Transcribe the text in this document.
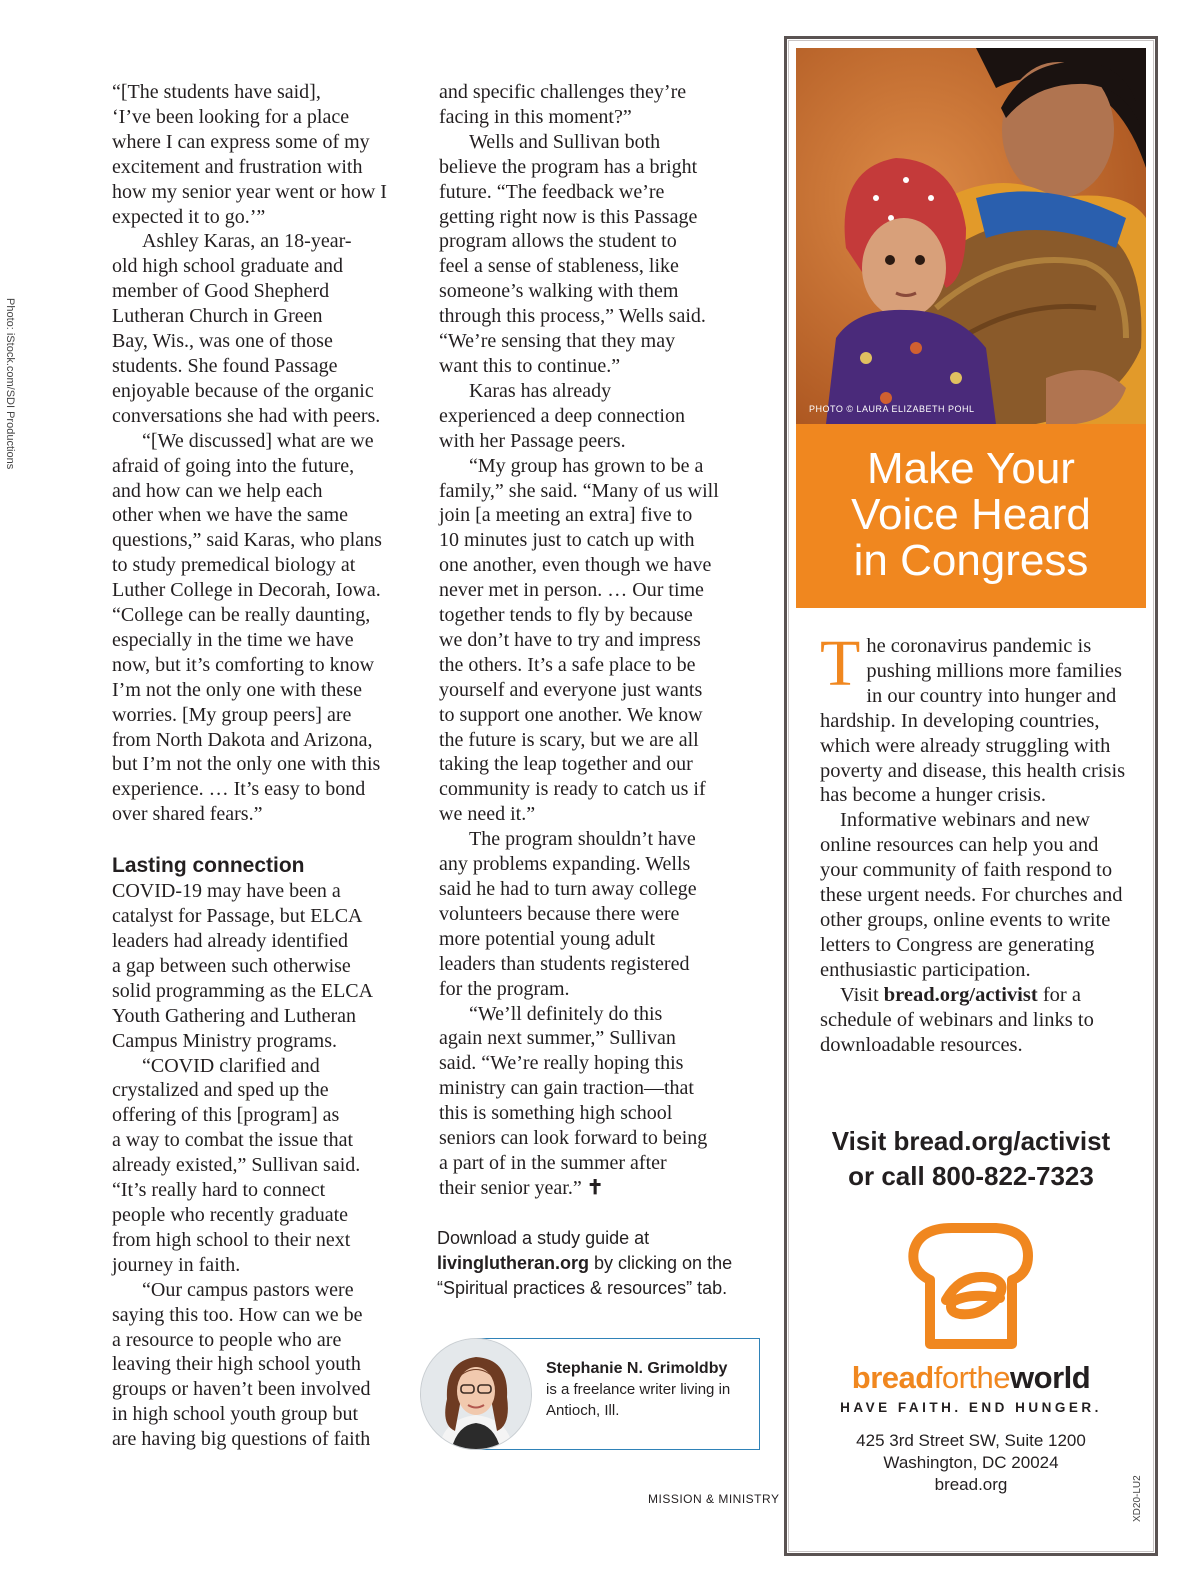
Photo: iStock.com/SDI Productions

“[The students have said],
‘I’ve been looking for a place
where I can express some of my
excitement and frustration with
how my senior year went or how I
expected it to go.’”

Ashley Karas, an 18-year-
old high school graduate and
member of Good Shepherd
Lutheran Church in Green
Bay, Wis., was one of those
students. She found Passage
enjoyable because of the organic
conversations she had with peers.

“[We discussed] what are we
afraid of going into the future,
and how can we help each
other when we have the same
questions,” said Karas, who plans
to study premedical biology at
Luther College in Decorah, Iowa.
“College can be really daunting,
especially in the time we have
now, but it’s comforting to know
I’m not the only one with these
worries. [My group peers] are
from North Dakota and Arizona,
but I’m not the only one with this
experience. … It’s easy to bond
over shared fears.”

Lasting connection

COVID-19 may have been a
catalyst for Passage, but ELCA
leaders had already identified
a gap between such otherwise
solid programming as the ELCA
Youth Gathering and Lutheran
Campus Ministry programs.

“COVID clarified and
crystalized and sped up the
offering of this [program] as
a way to combat the issue that
already existed,” Sullivan said.
“It’s really hard to connect
people who recently graduate
from high school to their next
journey in faith.

“Our campus pastors were
saying this too. How can we be
a resource to people who are
leaving their high school youth
groups or haven’t been involved
in high school youth group but
are having big questions of faith

and specific challenges they’re
facing in this moment?”

Wells and Sullivan both
believe the program has a bright
future. “The feedback we’re
getting right now is this Passage
program allows the student to
feel a sense of stableness, like
someone’s walking with them
through this process,” Wells said.
“We’re sensing that they may
want this to continue.”

Karas has already
experienced a deep connection
with her Passage peers.

“My group has grown to be a
family,” she said. “Many of us will
join [a meeting an extra] five to
10 minutes just to catch up with
one another, even though we have
never met in person. … Our time
together tends to fly by because
we don’t have to try and impress
the others. It’s a safe place to be
yourself and everyone just wants
to support one another. We know
the future is scary, but we are all
taking the leap together and our
community is ready to catch us if
we need it.”

The program shouldn’t have
any problems expanding. Wells
said he had to turn away college
volunteers because there were
more potential young adult
leaders than students registered
for the program.

“We’ll definitely do this
again next summer,” Sullivan
said. “We’re really hoping this
ministry can gain traction—that
this is something high school
seniors can look forward to being
a part of in the summer after
their senior year.” ✝

Download a study guide at
livinglutheran.org by clicking on the “Spiritual practices & resources” tab.
Stephanie N. Grimoldby
is a freelance writer living in Antioch, Ill.
MISSION & MINISTRY
PHOTO © LAURA ELIZABETH POHL
Make Your
Voice Heard
in Congress

The coronavirus pandemic is pushing millions more families in our country into hunger and hardship. In developing countries, which were already struggling with poverty and disease, this health crisis has become a hunger crisis.

Informative webinars and new online resources can help you and your community of faith respond to these urgent needs. For churches and other groups, online events to write letters to Congress are generating enthusiastic participation.

Visit bread.org/activist for a schedule of webinars and links to downloadable resources.

Visit bread.org/activist
or call 800-822-7323
breadfortheworld
HAVE FAITH. END HUNGER.
425 3rd Street SW, Suite 1200
Washington, DC 20024
bread.org	XD20-LU2
